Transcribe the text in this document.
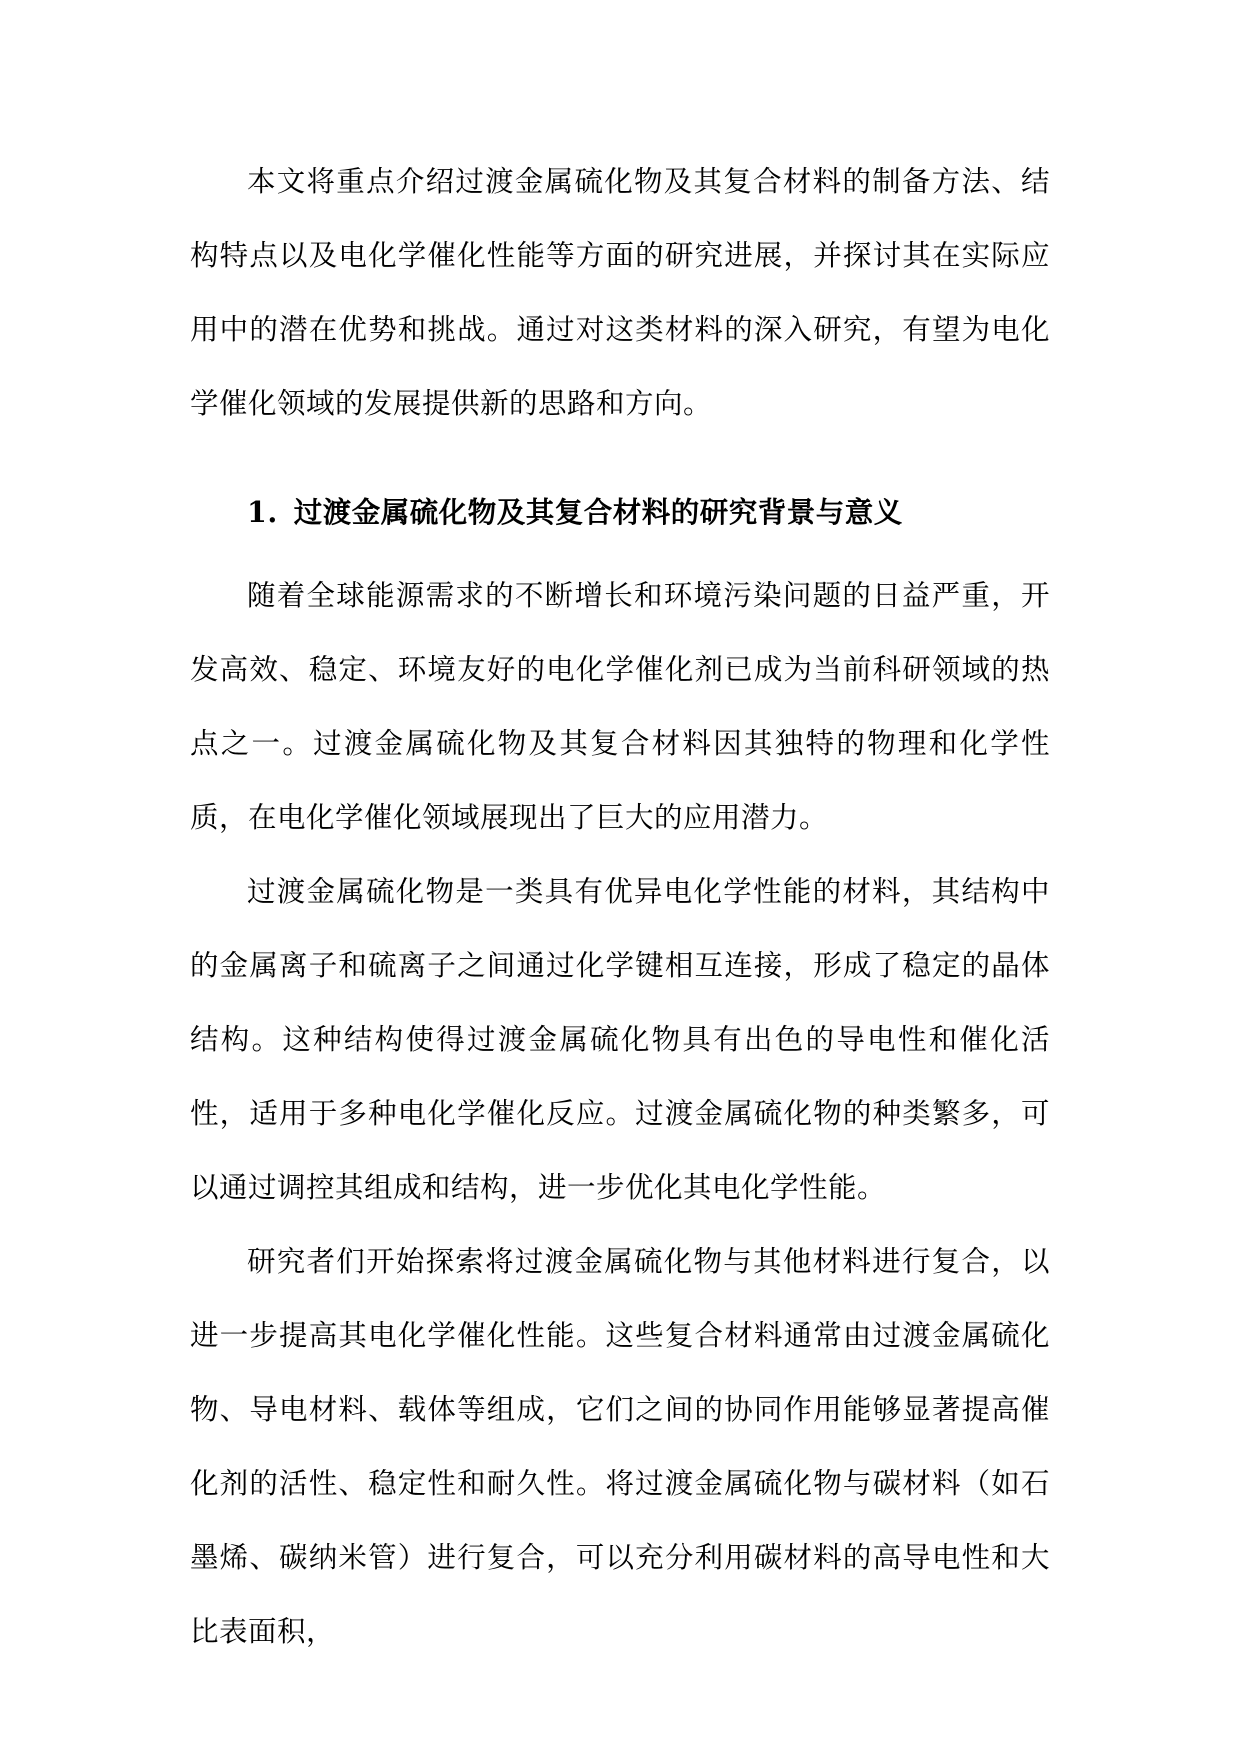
本文将重点介绍过渡金属硫化物及其复合材料的制备方法、结构特点以及电化学催化性能等方面的研究进展，并探讨其在实际应用中的潜在优势和挑战。通过对这类材料的深入研究，有望为电化学催化领域的发展提供新的思路和方向。

1. 过渡金属硫化物及其复合材料的研究背景与意义

随着全球能源需求的不断增长和环境污染问题的日益严重，开发高效、稳定、环境友好的电化学催化剂已成为当前科研领域的热点之一。过渡金属硫化物及其复合材料因其独特的物理和化学性质，在电化学催化领域展现出了巨大的应用潜力。

过渡金属硫化物是一类具有优异电化学性能的材料，其结构中的金属离子和硫离子之间通过化学键相互连接，形成了稳定的晶体结构。这种结构使得过渡金属硫化物具有出色的导电性和催化活性，适用于多种电化学催化反应。过渡金属硫化物的种类繁多，可以通过调控其组成和结构，进一步优化其电化学性能。

研究者们开始探索将过渡金属硫化物与其他材料进行复合，以进一步提高其电化学催化性能。这些复合材料通常由过渡金属硫化物、导电材料、载体等组成，它们之间的协同作用能够显著提高催化剂的活性、稳定性和耐久性。将过渡金属硫化物与碳材料（如石墨烯、碳纳米管）进行复合，可以充分利用碳材料的高导电性和大比表面积，
